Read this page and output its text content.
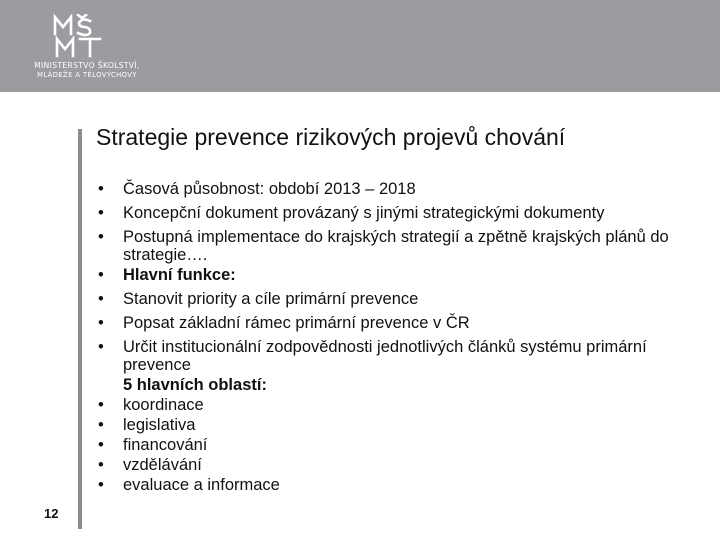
MINISTERSTVO ŠKOLSTVÍ,
MLÁDEŽE A TĚLOVÝCHOVY
Strategie prevence rizikových projevů chování
• Časová působnost: období 2013 – 2018
• Koncepční dokument provázaný s jinými strategickými dokumenty
• Postupná implementace do krajských strategií a zpětně krajských plánů do strategie….
• Hlavní funkce:
• Stanovit priority a cíle primární prevence
• Popsat základní rámec primární prevence v ČR
• Určit institucionální zodpovědnosti jednotlivých článků systému primární prevence
5 hlavních oblastí:
• koordinace
• legislativa
• financování
• vzdělávání
• evaluace a informace
12
